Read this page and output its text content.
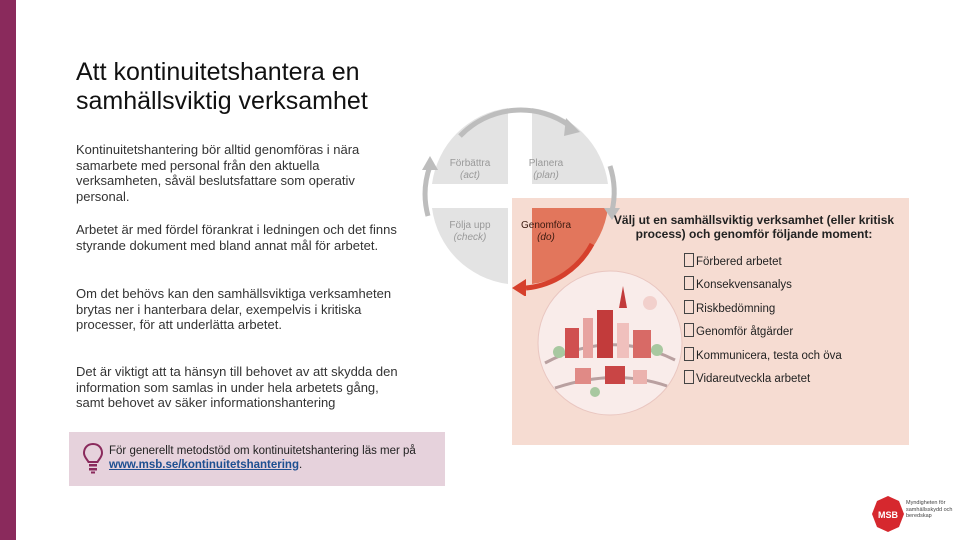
Att kontinuitetshantera en samhällsviktig verksamhet
Kontinuitetshantering bör alltid genomföras i nära samarbete med personal från den aktuella verksamheten, såväl beslutsfattare som operativ personal.
Arbetet är med fördel förankrat i ledningen och det finns styrande dokument med bland annat mål för arbetet.
Om det behövs kan den samhällsviktiga verksamheten brytas ner i hanterbara delar, exempelvis i kritiska processer, för att underlätta arbetet.
Det är viktigt att ta hänsyn till behovet av att skydda den information som samlas in under hela arbetets gång, samt behovet av säker informationshantering
För generellt metodstöd om kontinuitetshantering läs mer på www.msb.se/kontinuitetshantering.
Förbättra
(act)
Planera
(plan)
Följa upp
(check)
Genomföra
(do)
Välj ut en samhällsviktig verksamhet (eller kritisk process) och genomför följande moment:
Förbered arbetet
Konsekvensanalys
Riskbedömning
Genomför åtgärder
Kommunicera, testa och öva
Vidareutveckla arbetet
MSB
Myndigheten för samhällsskydd och beredskap
